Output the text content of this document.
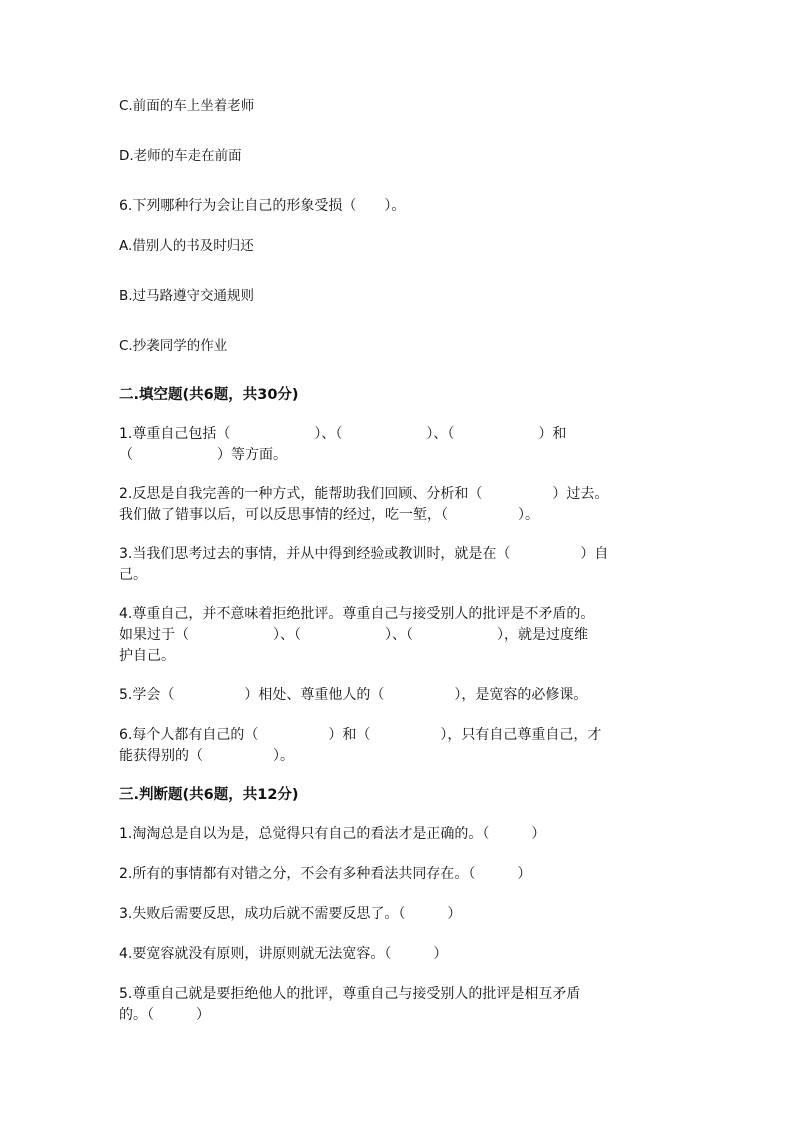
C.前面的车上坐着老师
D.老师的车走在前面
6.下列哪种行为会让自己的形象受损（　　）。
A.借别人的书及时归还
B.过马路遵守交通规则
C.抄袭同学的作业
二.填空题(共6题，共30分)
1.尊重自己包括（　　　　　　）、（　　　　　　）、（　　　　　　）和
（　　　　　　）等方面。
2.反思是自我完善的一种方式，能帮助我们回顾、分析和（　　　　　）过去。
我们做了错事以后，可以反思事情的经过，吃一堑，（　　　　　）。
3.当我们思考过去的事情，并从中得到经验或教训时，就是在（　　　　　）自
己。
4.尊重自己，并不意味着拒绝批评。尊重自己与接受别人的批评是不矛盾的。
如果过于（　　　　　　）、（　　　　　　）、（　　　　　　），就是过度维
护自己。
5.学会（　　　　　）相处、尊重他人的（　　　　　），是宽容的必修课。
6.每个人都有自己的（　　　　　）和（　　　　　），只有自己尊重自己，才
能获得别的（　　　　　）。
三.判断题(共6题，共12分)
1.淘淘总是自以为是，总觉得只有自己的看法才是正确的。（　　　）
2.所有的事情都有对错之分，不会有多种看法共同存在。（　　　）
3.失败后需要反思，成功后就不需要反思了。（　　　）
4.要宽容就没有原则，讲原则就无法宽容。（　　　）
5.尊重自己就是要拒绝他人的批评，尊重自己与接受别人的批评是相互矛盾
的。（　　　）
